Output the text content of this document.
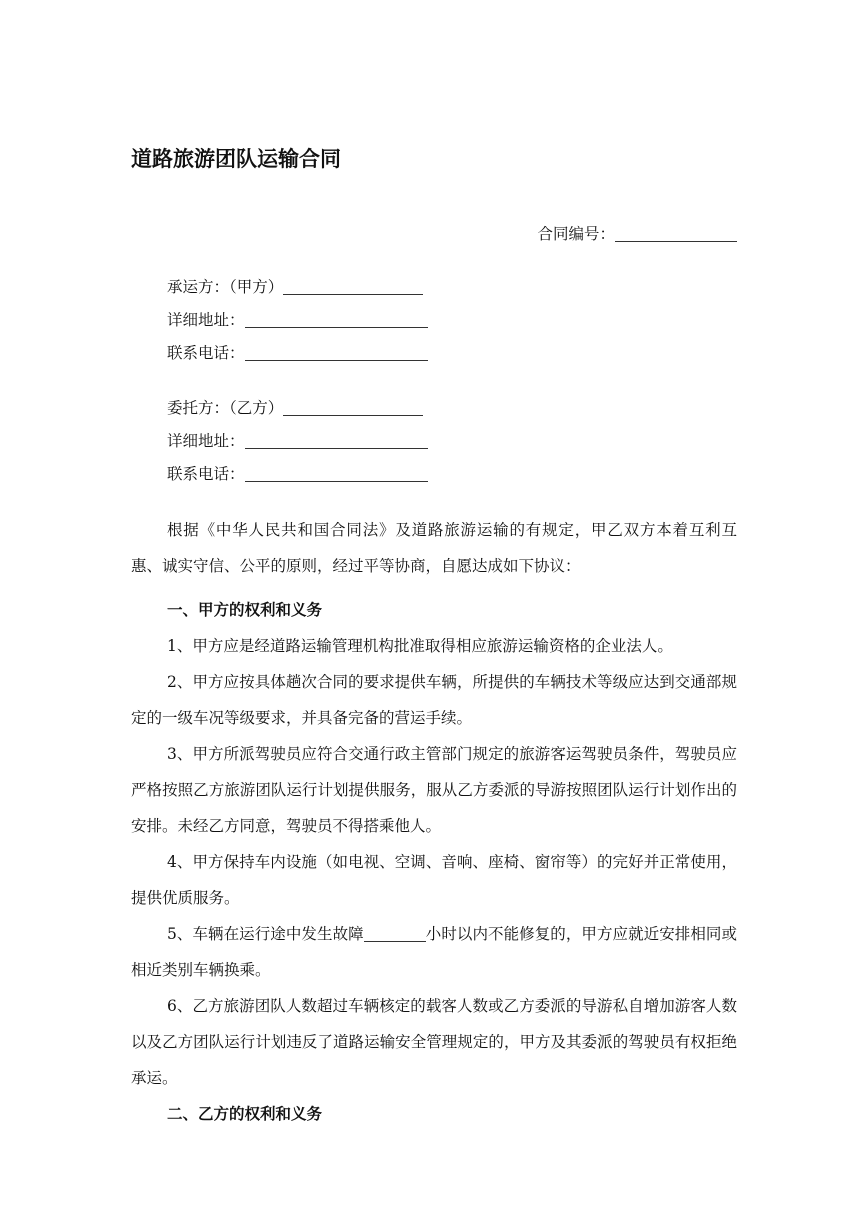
道路旅游团队运输合同
合同编号：
承运方：（甲方）
详细地址：
联系电话：
委托方：（乙方）
详细地址：
联系电话：

根据《中华人民共和国合同法》及道路旅游运输的有规定，甲乙双方本着互利互惠、诚实守信、公平的原则，经过平等协商，自愿达成如下协议：

一、甲方的权利和义务

1、甲方应是经道路运输管理机构批准取得相应旅游运输资格的企业法人。

2、甲方应按具体趟次合同的要求提供车辆，所提供的车辆技术等级应达到交通部规定的一级车况等级要求，并具备完备的营运手续。

3、甲方所派驾驶员应符合交通行政主管部门规定的旅游客运驾驶员条件，驾驶员应严格按照乙方旅游团队运行计划提供服务，服从乙方委派的导游按照团队运行计划作出的安排。未经乙方同意，驾驶员不得搭乘他人。

4、甲方保持车内设施（如电视、空调、音响、座椅、窗帘等）的完好并正常使用，提供优质服务。

5、车辆在运行途中发生故障	小时以内不能修复的，甲方应就近安排相同或相近类别车辆换乘。

6、乙方旅游团队人数超过车辆核定的载客人数或乙方委派的导游私自增加游客人数以及乙方团队运行计划违反了道路运输安全管理规定的，甲方及其委派的驾驶员有权拒绝承运。

二、乙方的权利和义务
